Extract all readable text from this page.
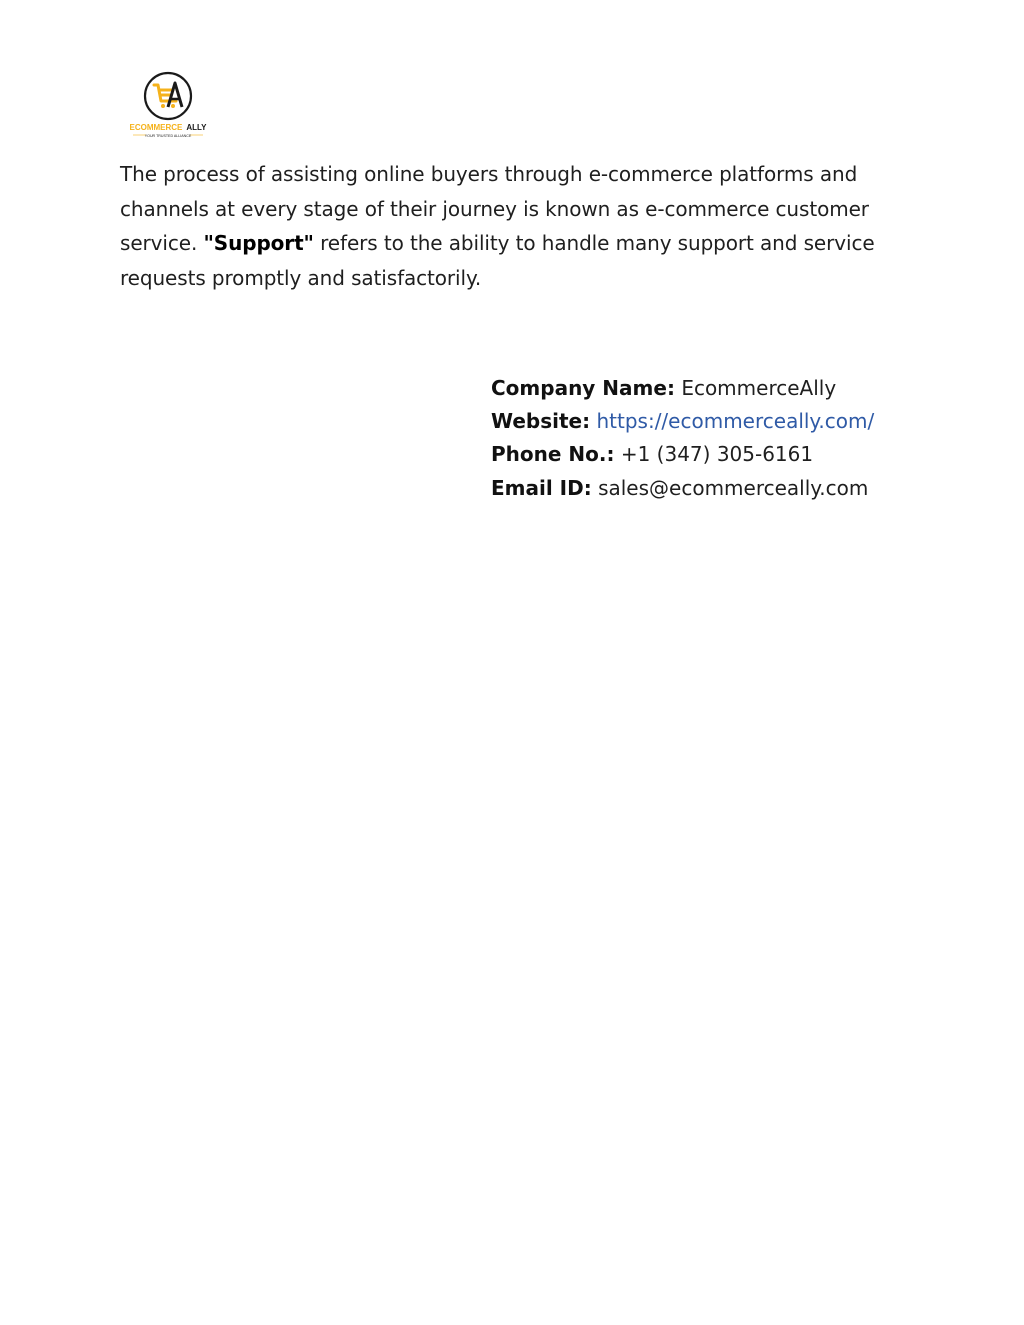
ECOMMERCE ALLY
YOUR TRUSTED ALLIANCE

The process of assisting online buyers through e-commerce platforms and channels at every stage of their journey is known as e-commerce customer service. "Support" refers to the ability to handle many support and service requests promptly and satisfactorily.

Company Name: EcommerceAlly
Website: https://ecommerceally.com/
Phone No.: +1 (347) 305-6161
Email ID: sales@ecommerceally.com
